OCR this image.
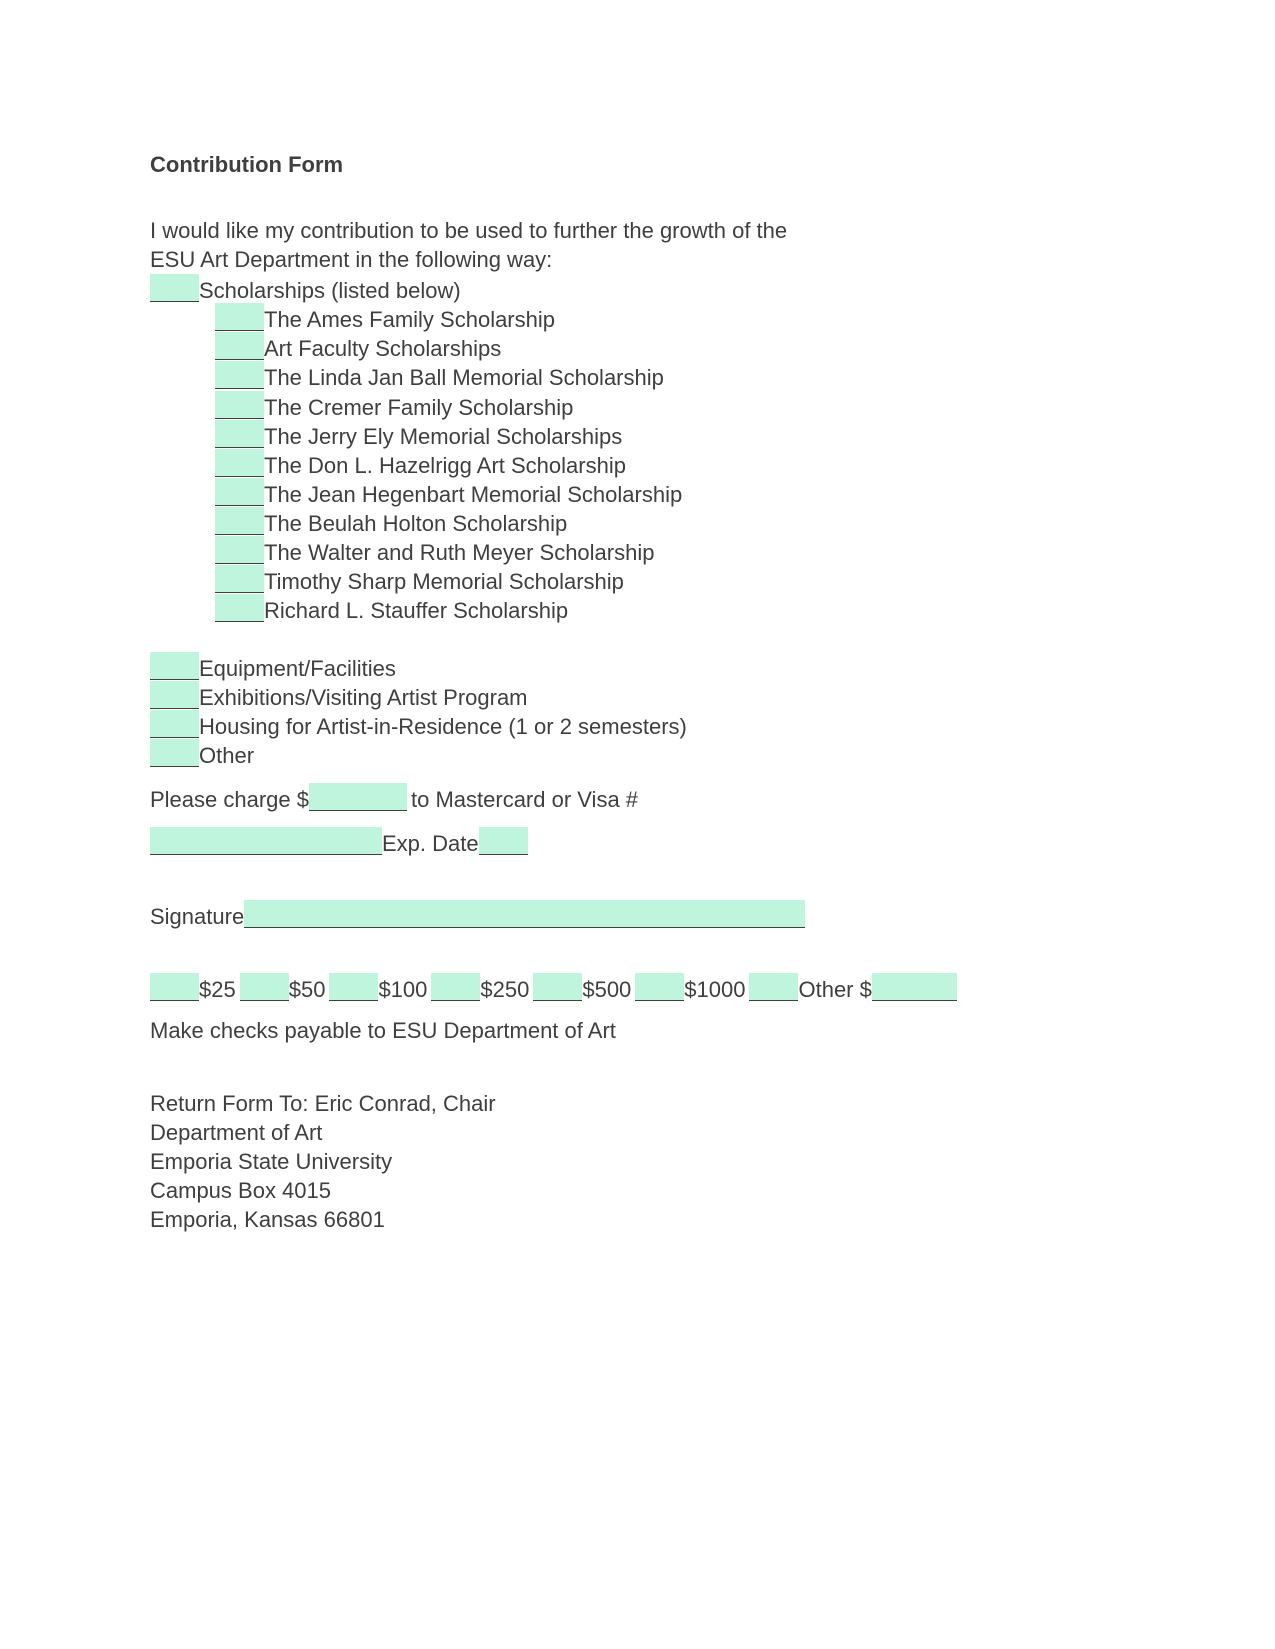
Contribution Form
I would like my contribution to be used to further the growth of the
ESU Art Department in the following way:
Scholarships (listed below)
The Ames Family Scholarship
Art Faculty Scholarships
The Linda Jan Ball Memorial Scholarship
The Cremer Family Scholarship
The Jerry Ely Memorial Scholarships
The Don L. Hazelrigg Art Scholarship
The Jean Hegenbart Memorial Scholarship
The Beulah Holton Scholarship
The Walter and Ruth Meyer Scholarship
Timothy Sharp Memorial Scholarship
Richard L. Stauffer Scholarship
Equipment/Facilities
Exhibitions/Visiting Artist Program
Housing for Artist-in-Residence (1 or 2 semesters)
Other
Please charge $	to Mastercard or Visa #
Exp. Date
Signature
$25 $50 $100 $250 $500 $1000 Other $
Make checks payable to ESU Department of Art
Return Form To: Eric Conrad, Chair
Department of Art
Emporia State University
Campus Box 4015
Emporia, Kansas 66801
